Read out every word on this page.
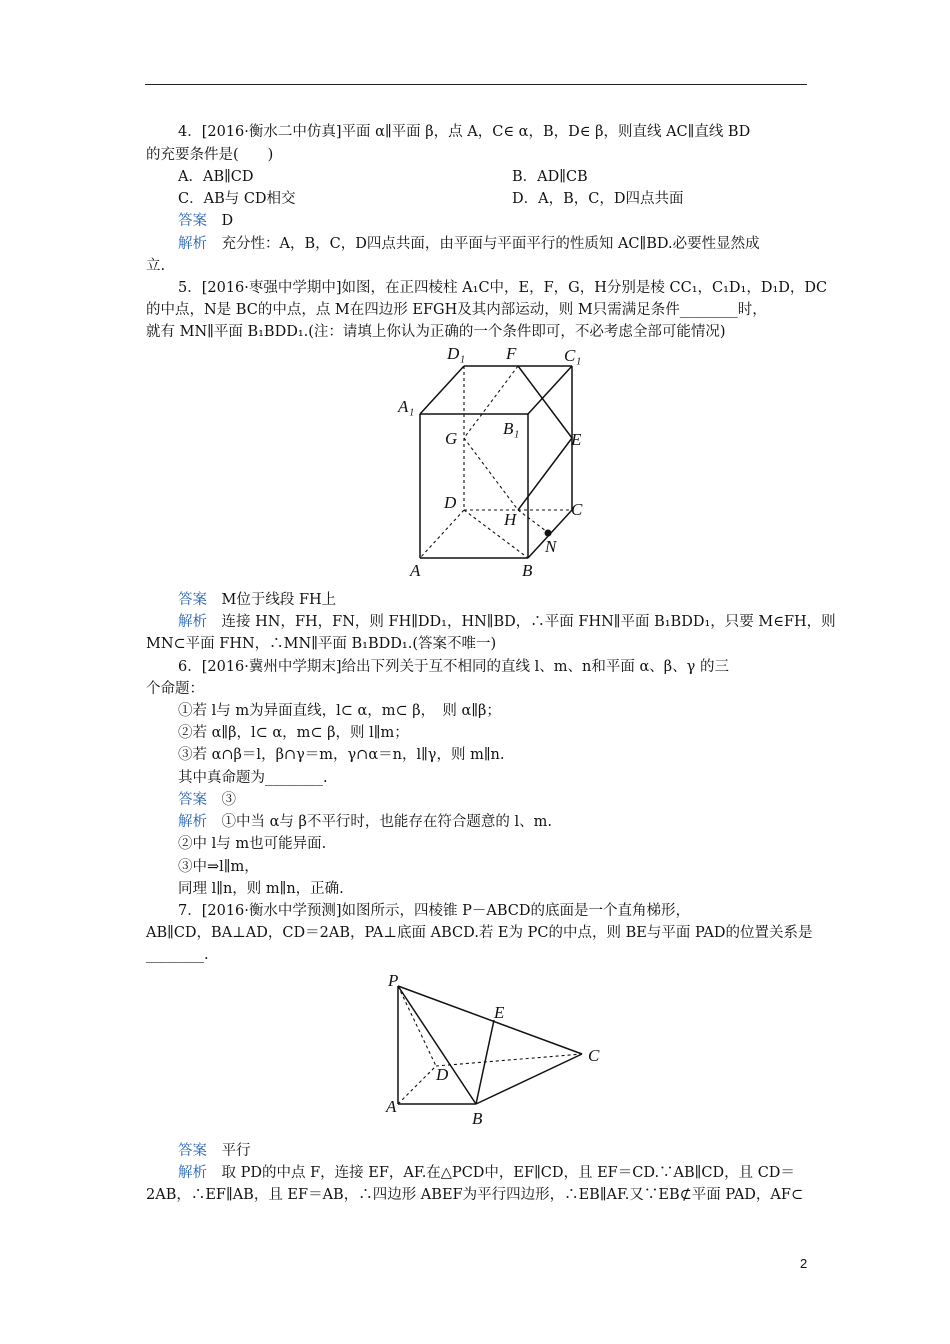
4．[2016·衡水二中仿真]平面 α∥平面 β，点 A，C∈ α，B，D∈ β，则直线 AC∥直线 BD
的充要条件是(　　)
A．AB∥CD	B．AD∥CB
C．AB与 CD相交	D．A，B，C，D四点共面
答案　 D
解析　 充分性：A，B，C，D四点共面，由平面与平面平行的性质知 AC∥BD.必要性显然成
立.
5．[2016·枣强中学期中]如图，在正四棱柱 A₁C中，E，F，G，H分别是棱 CC₁，C₁D₁，D₁D，DC
的中点，N是 BC的中点，点 M在四边形 EFGH及其内部运动，则 M只需满足条件________时，
就有 MN∥平面 B₁BDD₁.(注：请填上你认为正确的一个条件即可，不必考虑全部可能情况)
D₁ F	C₁
A₁
B₁
G	E
D
H
C
N
A	B
答案　 M位于线段 FH上
解析　 连接 HN，FH，FN，则 FH∥DD₁，HN∥BD，∴平面 FHN∥平面 B₁BDD₁，只要 M∈FH，则
MN⊂平面 FHN，∴MN∥平面 B₁BDD₁.(答案不唯一)
6．[2016·冀州中学期末]给出下列关于互不相同的直线 l、m、n和平面 α、β、γ 的三
个命题：
①若 l与 m为异面直线，l⊂ α，m⊂ β，　则 α∥β；
②若 α∥β，l⊂ α，m⊂ β，则 l∥m；
③若 α∩β＝l，β∩γ＝m，γ∩α＝n，l∥γ，则 m∥n.
其中真命题为________.
答案　 ③
解析　 ①中当 α与 β不平行时，也能存在符合题意的 l、m.
②中 l与 m也可能异面.
③中⇒l∥m，
同理 l∥n，则 m∥n，正确.
7．[2016·衡水中学预测]如图所示，四棱锥 P－ABCD的底面是一个直角梯形，
AB∥CD，BA⊥AD，CD＝2AB，PA⊥底面 ABCD.若 E为 PC的中点，则 BE与平面 PAD的位置关系是
________.
P
E
C
D
A
B
答案　 平行
解析　 取 PD的中点 F，连接 EF，AF.在△PCD中，EF∥CD，且 EF＝CD.∵AB∥CD，且 CD＝
2AB，∴EF∥AB，且 EF＝AB，∴四边形 ABEF为平行四边形，∴EB∥AF.又∵EB⊄平面 PAD，AF⊂
2
